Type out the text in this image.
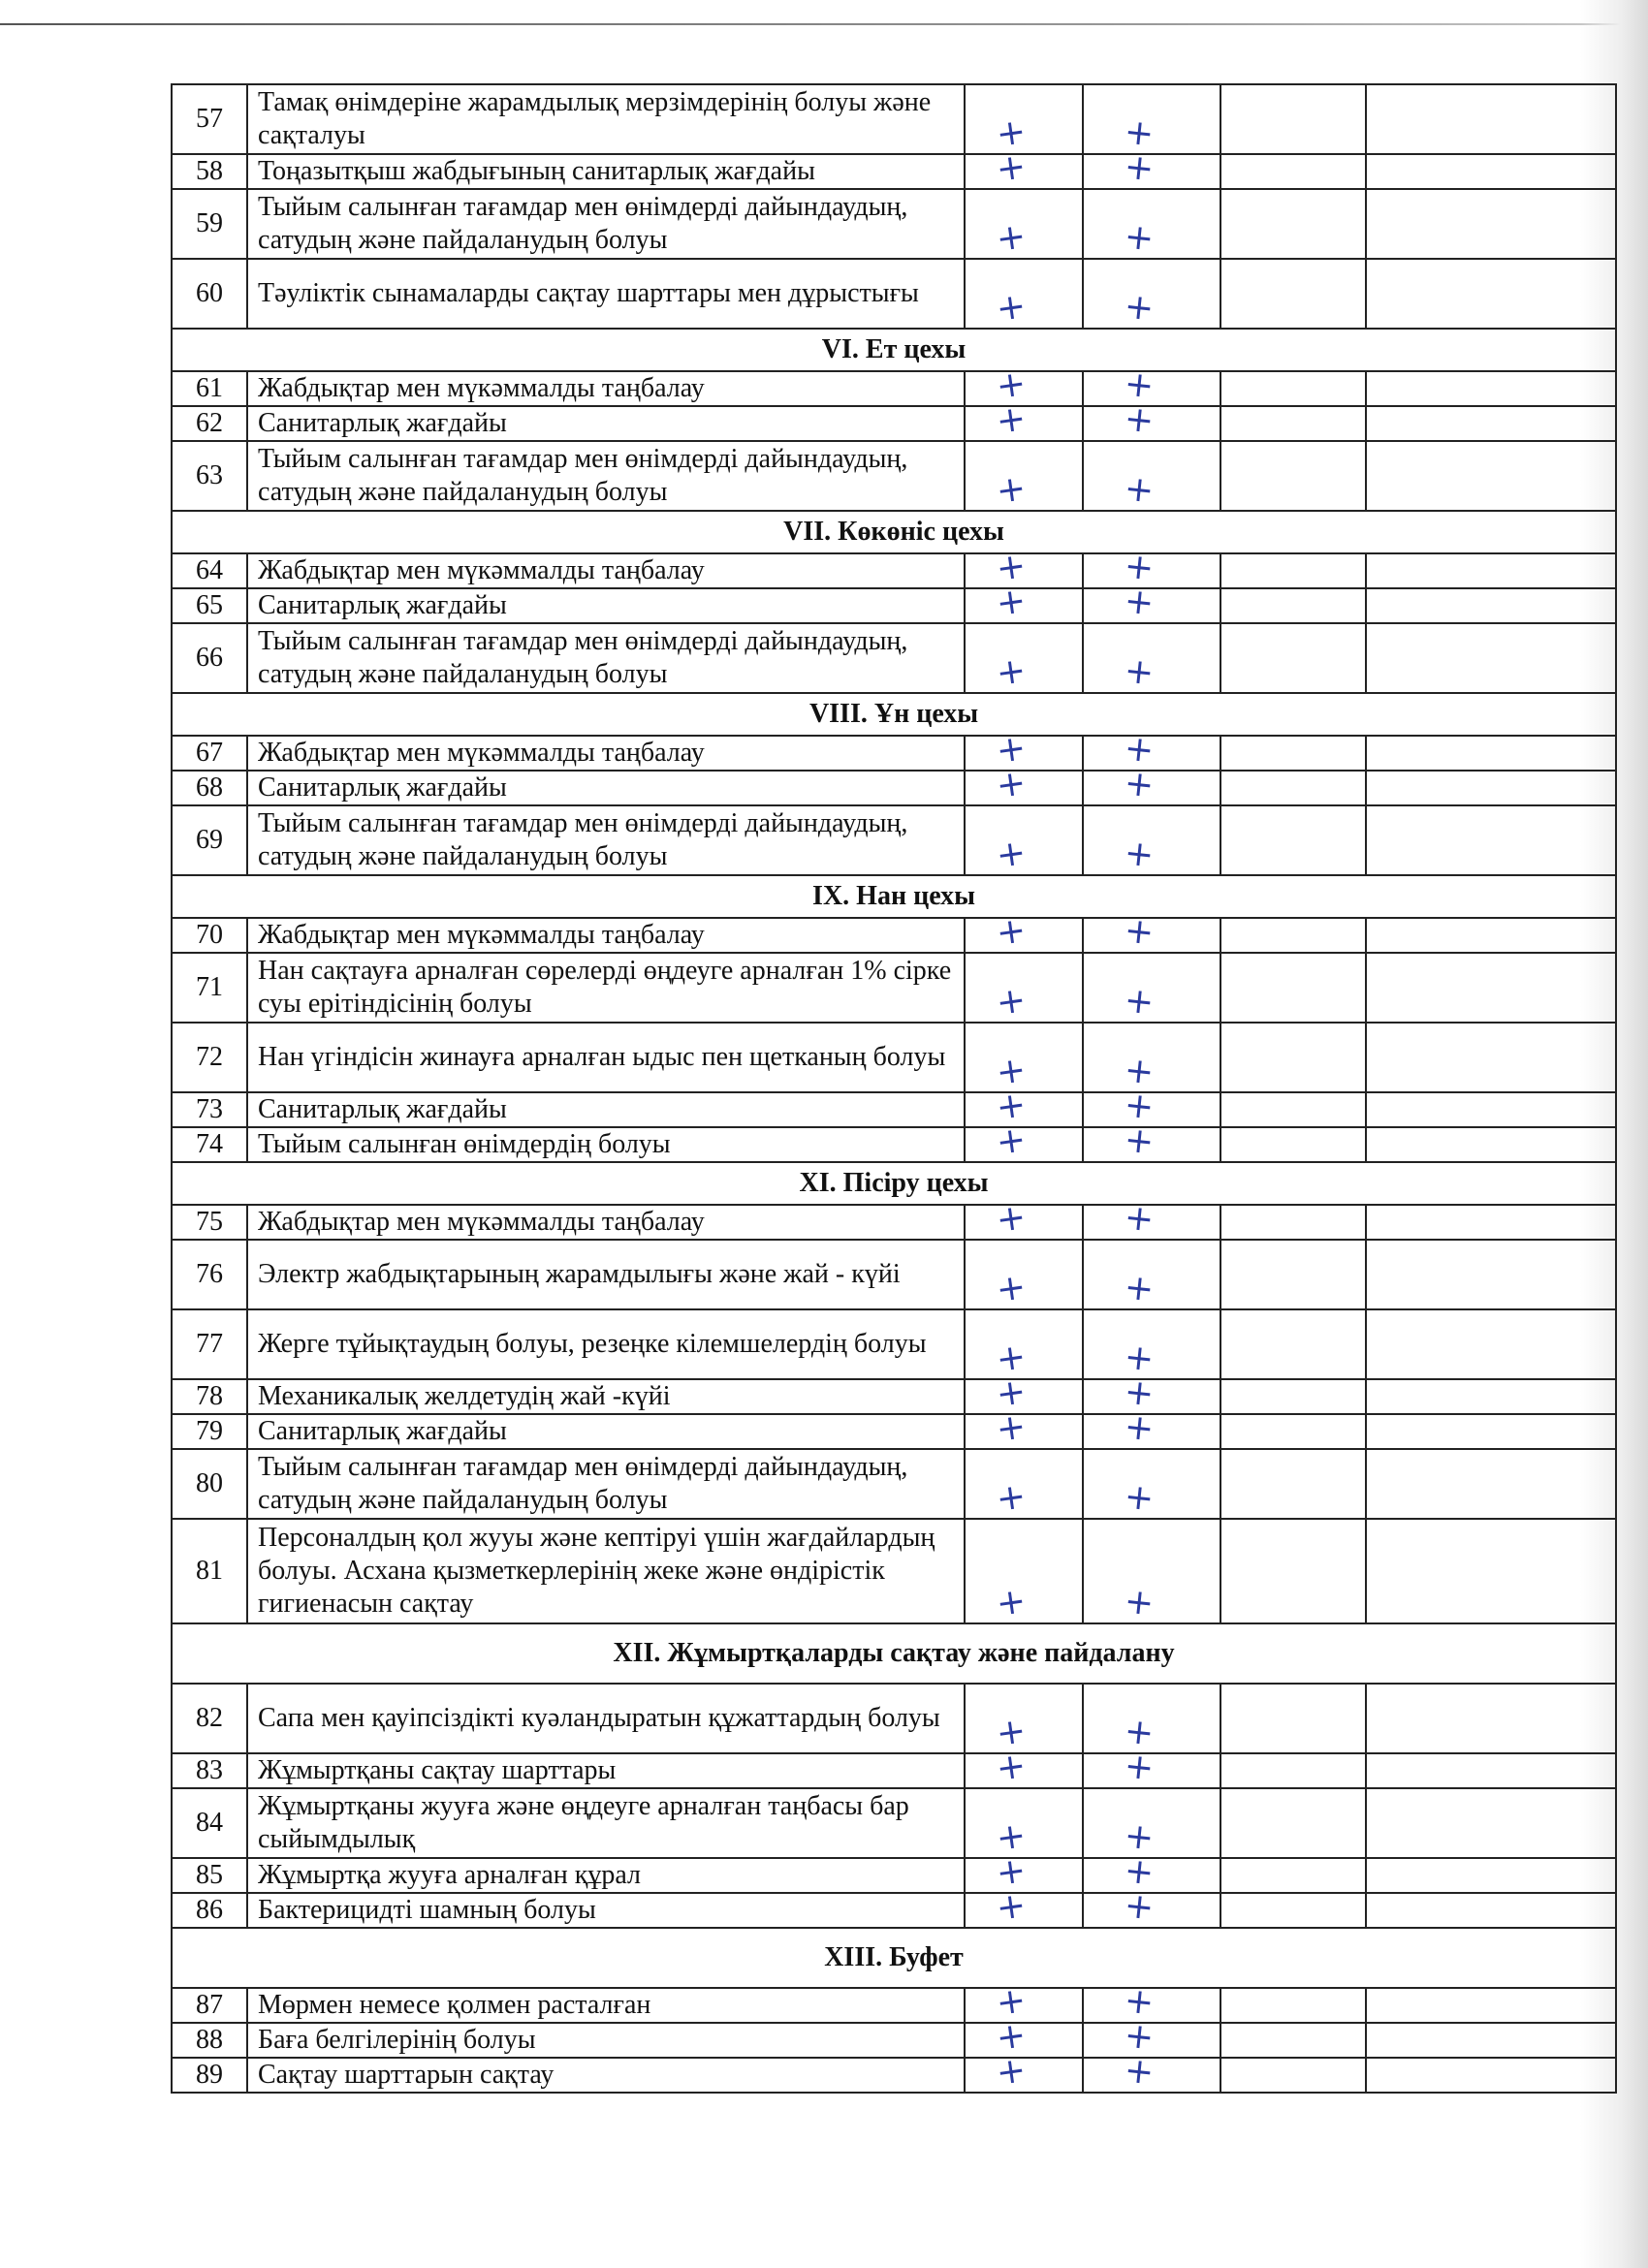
57	Тамақ өнімдеріне жарамдылық мерзімдерінің болуы және сақталуы	+	+		

58	Тоңазытқыш жабдығының санитарлық жағдайы	+	+		

59	Тыйым салынған тағамдар мен өнімдерді дайындаудың, сатудың және пайдаланудың болуы	+	+		

60	Тәуліктік сынамаларды сақтау шарттары мен дұрыстығы	+	+		

VI. Ет цехы					
61	Жабдықтар мен мүкәммалды таңбалау	+	+		

62	Санитарлық жағдайы	+	+		

63	Тыйым салынған тағамдар мен өнімдерді дайындаудың, сатудың және пайдаланудың болуы	+	+		

VII. Көкөніс цехы					
64	Жабдықтар мен мүкәммалды таңбалау	+	+		

65	Санитарлық жағдайы	+	+		

66	Тыйым салынған тағамдар мен өнімдерді дайындаудың, сатудың және пайдаланудың болуы	+	+		

VIII. Ұн цехы					
67	Жабдықтар мен мүкәммалды таңбалау	+	+		

68	Санитарлық жағдайы	+	+		

69	Тыйым салынған тағамдар мен өнімдерді дайындаудың, сатудың және пайдаланудың болуы	+	+		

IX. Нан цехы					
70	Жабдықтар мен мүкәммалды таңбалау	+	+		

71	Нан сақтауға арналған сөрелерді өңдеуге арналған 1% сірке суы ерітіндісінің болуы	+	+		

72	Нан үгіндісін жинауға арналған ыдыс пен щетканың болуы	+	+		

73	Санитарлық жағдайы	+	+		

74	Тыйым салынған өнімдердің болуы	+	+		

XI. Пісіру цехы					
75	Жабдықтар мен мүкәммалды таңбалау	+	+		

76	Электр жабдықтарының жарамдылығы және жай - күйі	+	+		

77	Жерге тұйықтаудың болуы, резеңке кілемшелердің болуы	+	+		

78	Механикалық желдетудің жай -күйі	+	+		

79	Санитарлық жағдайы	+	+		

80	Тыйым салынған тағамдар мен өнімдерді дайындаудың, сатудың және пайдаланудың болуы	+	+		

81	Персоналдың қол жууы және кептіруі үшін жағдайлардың болуы. Асхана қызметкерлерінің жеке және өндірістік гигиенасын сақтау	+	+		

XII. Жұмыртқаларды сақтау және пайдалану					
82	Сапа мен қауіпсіздікті куәландыратын құжаттардың болуы	+	+		

83	Жұмыртқаны сақтау шарттары	+	+		

84	Жұмыртқаны жууға және өңдеуге арналған таңбасы бар сыйымдылық	+	+		

85	Жұмыртқа жууға арналған құрал	+	+		

86	Бактерицидті шамның болуы	+	+		

XIII. Буфет					
87	Мөрмен немесе қолмен расталған	+	+		

88	Баға белгілерінің болуы	+	+		

89	Сақтау шарттарын сақтау	+	+		
